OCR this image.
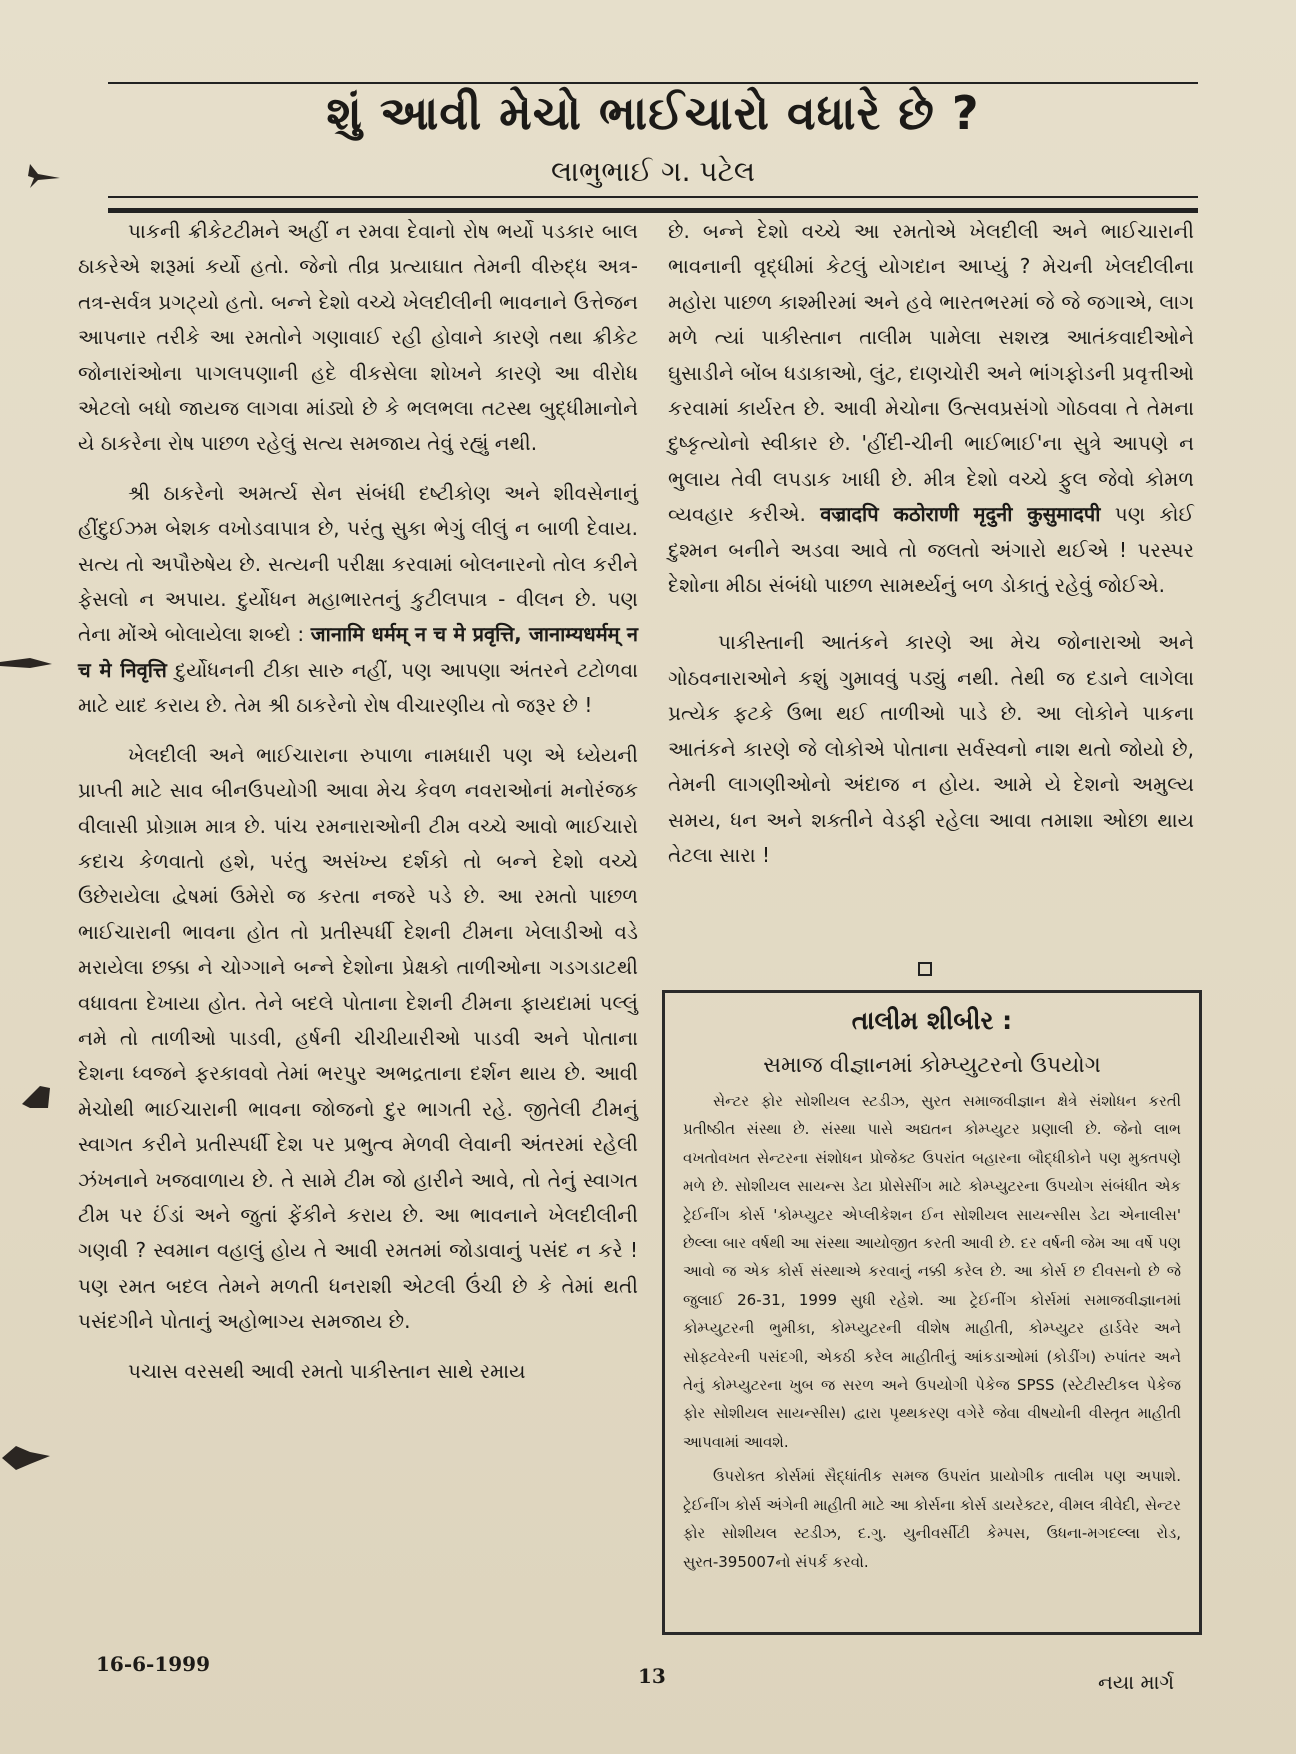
શું આવી મેચો ભાઈચારો વધારે છે ?
લાભુભાઈ ગ. પટેલ

પાકની ક્રીકેટટીમને અહીં ન રમવા દેવાનો રોષ ભર્યો પડકાર બાલ ઠાકરેએ શરૂમાં કર્યો હતો. જેનો તીવ્ર પ્રત્યાઘાત તેમની વીરુદ્ધ અત્ર-તત્ર-સર્વત્ર પ્રગટ્યો હતો. બન્ને દેશો વચ્ચે ખેલદીલીની ભાવનાને ઉત્તેજન આપનાર તરીકે આ રમતોને ગણાવાઈ રહી હોવાને કારણે તથા ક્રીકેટ જોનારાંઓના પાગલપણાની હદે વીકસેલા શોખને કારણે આ વીરોધ એટલો બધો જાયજ લાગવા માંડ્યો છે કે ભલભલા તટસ્થ બુદ્ધીમાનોને યે ઠાકરેના રોષ પાછળ રહેલું સત્ય સમજાય તેવું રહ્યું નથી.

શ્રી ઠાકરેનો અમર્ત્ય સેન સંબંધી દષ્ટીકોણ અને શીવસેનાનું હીંદુઈઝમ બેશક વખોડવાપાત્ર છે, પરંતુ સુકા ભેગું લીલું ન બાળી દેવાય. સત્ય તો અપૌરુષેય છે. સત્યની પરીક્ષા કરવામાં બોલનારનો તોલ કરીને ફેસલો ન અપાય. દુર્યોધન મહાભારતનું કુટીલપાત્ર - વીલન છે. પણ તેના મોંએ બોલાયેલા શબ્દો : जानामि धर्मम् न च मे प्रवृत्ति, जानाम्यधर्मम् न च मे निवृत्ति દુર્યોધનની ટીકા સારુ નહીં, પણ આપણા અંતરને ટટોળવા માટે યાદ કરાય છે. તેમ શ્રી ઠાકરેનો રોષ વીચારણીય તો જરૂર છે !

ખેલદીલી અને ભાઈચારાના રુપાળા નામધારી પણ એ ધ્યેયની પ્રાપ્તી માટે સાવ બીનઉપયોગી આવા મેચ કેવળ નવરાઓનાં મનોરંજક વીલાસી પ્રોગ્રામ માત્ર છે. પાંચ રમનારાઓની ટીમ વચ્ચે આવો ભાઈચારો કદાચ કેળવાતો હશે, પરંતુ અસંખ્ય દર્શકો તો બન્ને દેશો વચ્ચે ઉછેરાયેલા દ્વેષમાં ઉમેરો જ કરતા નજરે પડે છે. આ રમતો પાછળ ભાઈચારાની ભાવના હોત તો પ્રતીસ્પર્ધી દેશની ટીમના ખેલાડીઓ વડે મરાયેલા છક્કા ને ચોગ્ગાને બન્ને દેશોના પ્રેક્ષકો તાળીઓના ગડગડાટથી વધાવતા દેખાયા હોત. તેને બદલે પોતાના દેશની ટીમના ફાયદામાં પલ્લું નમે તો તાળીઓ પાડવી, હર્ષની ચીચીયારીઓ પાડવી અને પોતાના દેશના ધ્વજને ફરકાવવો તેમાં ભરપુર અભદ્રતાના દર્શન થાય છે. આવી મેચોથી ભાઈચારાની ભાવના જોજનો દુર ભાગતી રહે. જીતેલી ટીમનું સ્વાગત કરીને પ્રતીસ્પર્ધી દેશ પર પ્રભુત્વ મેળવી લેવાની અંતરમાં રહેલી ઝંખનાને ખજવાળાય છે. તે સામે ટીમ જો હારીને આવે, તો તેનું સ્વાગત ટીમ પર ઈંડાં અને જુતાં ફેંકીને કરાય છે. આ ભાવનાને ખેલદીલીની ગણવી ? સ્વમાન વહાલું હોય તે આવી રમતમાં જોડાવાનું પસંદ ન કરે ! પણ રમત બદલ તેમને મળતી ધનરાશી એટલી ઉંચી છે કે તેમાં થતી પસંદગીને પોતાનું અહોભાગ્ય સમજાય છે.

પચાસ વરસથી આવી રમતો પાકીસ્તાન સાથે રમાય

છે. બન્ને દેશો વચ્ચે આ રમતોએ ખેલદીલી અને ભાઈચારાની ભાવનાની વૃદ્ધીમાં કેટલું યોગદાન આપ્યું ? મેચની ખેલદીલીના મહોરા પાછળ કાશ્મીરમાં અને હવે ભારતભરમાં જે જે જગાએ, લાગ મળે ત્યાં પાકીસ્તાન તાલીમ પામેલા સશસ્ત્ર આતંકવાદીઓને ઘુસાડીને બોંબ ધડાકાઓ, લુંટ, દાણચોરી અને ભાંગફોડની પ્રવૃત્તીઓ કરવામાં કાર્યરત છે. આવી મેચોના ઉત્સવપ્રસંગો ગોઠવવા તે તેમના દુષ્કૃત્યોનો સ્વીકાર છે. 'હીંદી-ચીની ભાઈભાઈ'ના સુત્રે આપણે ન ભુલાય તેવી લપડાક ખાધી છે. મીત્ર દેશો વચ્ચે ફુલ જેવો કોમળ વ્યવહાર કરીએ. वज्रादपि कठोराणी मृदुनी कुसुमादपी પણ કોઈ દુશ્મન બનીને અડવા આવે તો જલતો અંગારો થઈએ ! પરસ્પર દેશોના મીઠા સંબંધો પાછળ સામર્થ્યનું બળ ડોકાતું રહેવું જોઈએ.

પાકીસ્તાની આતંકને કારણે આ મેચ જોનારાઓ અને ગોઠવનારાઓને કશું ગુમાવવું પડ્યું નથી. તેથી જ દડાને લાગેલા પ્રત્યેક ફટકે ઉભા થઈ તાળીઓ પાડે છે. આ લોકોને પાકના આતંકને કારણે જે લોકોએ પોતાના સર્વસ્વનો નાશ થતો જોયો છે, તેમની લાગણીઓનો અંદાજ ન હોય. આમે યે દેશનો અમુલ્ય સમય, ધન અને શક્તીને વેડફી રહેલા આવા તમાશા ઓછા થાય તેટલા સારા !

તાલીમ શીબીર :
સમાજ વીજ્ઞાનમાં કોમ્પ્યુટરનો ઉપયોગ

સેન્ટર ફોર સોશીયલ સ્ટડીઝ, સુરત સમાજવીજ્ઞાન ક્ષેત્રે સંશોધન કરતી પ્રતીષ્ઠીત સંસ્થા છે. સંસ્થા પાસે અદ્યતન કોમ્પ્યુટર પ્રણાલી છે. જેનો લાભ વખતોવખત સેન્ટરના સંશોધન પ્રોજેક્ટ ઉપરાંત બહારના બૌદ્ધીકોને પણ મુક્તપણે મળે છે. સોશીયલ સાયન્સ ડેટા પ્રોસેસીંગ માટે કોમ્પ્યુટરના ઉપયોગ સંબંધીત એક ટ્રેઈનીંગ કોર્સ 'કોમ્પ્યુટર એપ્લીકેશન ઈન સોશીયલ સાયન્સીસ ડેટા એનાલીસ' છેલ્લા બાર વર્ષથી આ સંસ્થા આયોજીત કરતી આવી છે. દર વર્ષની જેમ આ વર્ષે પણ આવો જ એક કોર્સ સંસ્થાએ કરવાનું નક્કી કરેલ છે. આ કોર્સ છ દીવસનો છે જે જુલાઈ 26-31, 1999 સુધી રહેશે. આ ટ્રેઈનીંગ કોર્સમાં સમાજવીજ્ઞાનમાં કોમ્પ્યુટરની ભુમીકા, કોમ્પ્યુટરની વીશેષ માહીતી, કોમ્પ્યુટર હાર્ડવેર અને સોફ્ટવેરની પસંદગી, એકઠી કરેલ માહીતીનું આંકડાઓમાં (કોડીંગ) રુપાંતર અને તેનું કોમ્પ્યુટરના ખુબ જ સરળ અને ઉપયોગી પેકેજ SPSS (સ્ટેટીસ્ટીકલ પેકેજ ફોર સોશીયલ સાયન્સીસ) દ્વારા પૃથ્થકરણ વગેરે જેવા વીષયોની વીસ્તૃત માહીતી આપવામાં આવશે.

ઉપરોક્ત કોર્સમાં સૈદ્ધાંતીક સમજ ઉપરાંત પ્રાયોગીક તાલીમ પણ અપાશે. ટ્રેઈનીંગ કોર્સ અંગેની માહીતી માટે આ કોર્સના કોર્સ ડાયરેક્ટર, વીમલ ત્રીવેદી, સેન્ટર ફોર સોશીયલ સ્ટડીઝ, દ.ગુ. યુનીવર્સીટી કેમ્પસ, ઉધના-મગદલ્લા રોડ, સુરત-395007નો સંપર્ક કરવો.

16-6-1999	13	નયા માર્ગ
